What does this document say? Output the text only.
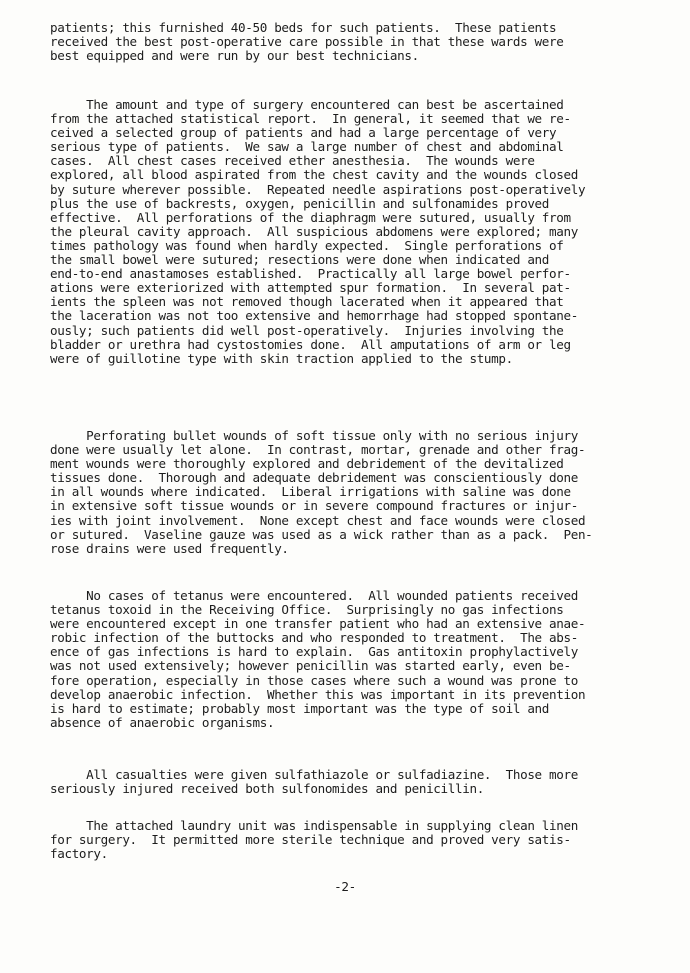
patients; this furnished 40-50 beds for such patients.  These patients
received the best post-operative care possible in that these wards were
best equipped and were run by our best technicians.
The amount and type of surgery encountered can best be ascertained
from the attached statistical report.  In general, it seemed that we re-
ceived a selected group of patients and had a large percentage of very
serious type of patients.  We saw a large number of chest and abdominal
cases.  All chest cases received ether anesthesia.  The wounds were
explored, all blood aspirated from the chest cavity and the wounds closed
by suture wherever possible.  Repeated needle aspirations post-operatively
plus the use of backrests, oxygen, penicillin and sulfonamides proved
effective.  All perforations of the diaphragm were sutured, usually from
the pleural cavity approach.  All suspicious abdomens were explored; many
times pathology was found when hardly expected.  Single perforations of
the small bowel were sutured; resections were done when indicated and
end-to-end anastamoses established.  Practically all large bowel perfor-
ations were exteriorized with attempted spur formation.  In several pat-
ients the spleen was not removed though lacerated when it appeared that
the laceration was not too extensive and hemorrhage had stopped spontane-
ously; such patients did well post-operatively.  Injuries involving the
bladder or urethra had cystostomies done.  All amputations of arm or leg
were of guillotine type with skin traction applied to the stump.
Perforating bullet wounds of soft tissue only with no serious injury
done were usually let alone.  In contrast, mortar, grenade and other frag-
ment wounds were thoroughly explored and debridement of the devitalized
tissues done.  Thorough and adequate debridement was conscientiously done
in all wounds where indicated.  Liberal irrigations with saline was done
in extensive soft tissue wounds or in severe compound fractures or injur-
ies with joint involvement.  None except chest and face wounds were closed
or sutured.  Vaseline gauze was used as a wick rather than as a pack.  Pen-
rose drains were used frequently.
No cases of tetanus were encountered.  All wounded patients received
tetanus toxoid in the Receiving Office.  Surprisingly no gas infections
were encountered except in one transfer patient who had an extensive anae-
robic infection of the buttocks and who responded to treatment.  The abs-
ence of gas infections is hard to explain.  Gas antitoxin prophylactively
was not used extensively; however penicillin was started early, even be-
fore operation, especially in those cases where such a wound was prone to
develop anaerobic infection.  Whether this was important in its prevention
is hard to estimate; probably most important was the type of soil and
absence of anaerobic organisms.
All casualties were given sulfathiazole or sulfadiazine.  Those more
seriously injured received both sulfonomides and penicillin.
The attached laundry unit was indispensable in supplying clean linen
for surgery.  It permitted more sterile technique and proved very satis-
factory.

-2-
